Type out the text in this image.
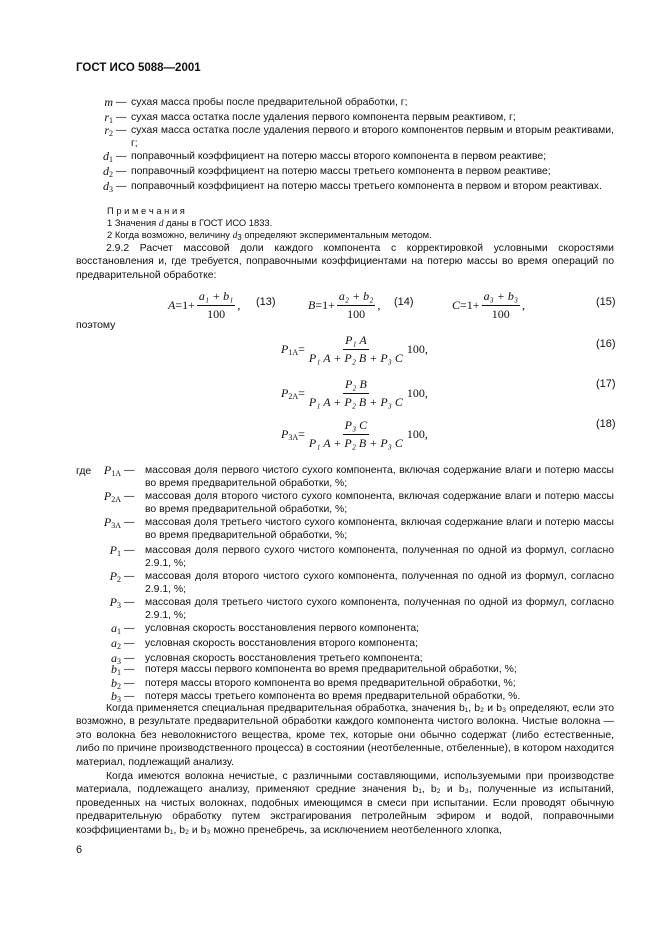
ГОСТ ИСО 5088—2001
m — сухая масса пробы после предварительной обработки, г;
$r_1$ — сухая масса остатка после удаления первого компонента первым реактивом, г;
$r_2$ — сухая масса остатка после удаления первого и второго компонентов первым и вторым реактивами, г;
$d_1$ — поправочный коэффициент на потерю массы второго компонента в первом реактиве;
$d_2$ — поправочный коэффициент на потерю массы третьего компонента в первом реактиве;
$d_3$ — поправочный коэффициент на потерю массы третьего компонента в первом и втором реактивах.
П р и м е ч а н и я
1 Значения d даны в ГОСТ ИСО 1833.
2 Когда возможно, величину d3 определяют экспериментальным методом.
2.9.2 Расчет массовой доли каждого компонента с корректировкой условными скоростями восстановления и, где требуется, поправочными коэффициентами на потерю массы во время операций по предварительной обработке:
$A =1+ \frac{\text{a₁ + b₁}}{100}$ , (13)	$B =1+ \frac{\text{a₂ + b₂}}{100}$ , (14)	$C =1+ \frac{\text{a₃ + b₃}}{100}$ ,	(15)
поэтому
$P_{1A} = \frac{\text{P₁ A}}{\text{P₁ A + P₂ B + P₃ C}} 100$,	(16)
$P_{2A} = \frac{\text{P₂ B}}{\text{P₁ A + P₂ B + P₃ C}} 100$,
(17)
$P_{3A} = \frac{\text{P₃ C}}{\text{P₁ A + P₂ B + P₃ C}} 100$,
(18)
где	$P_{1A}$ — массовая доля первого чистого сухого компонента, включая содержание влаги и потерю массы во время предварительной обработки, %;
$P_{2A}$ — массовая доля второго чистого сухого компонента, включая содержание влаги и потерю массы во время предварительной обработки, %;
$P_{3A}$ — массовая доля третьего чистого сухого компонента, включая содержание влаги и потерю массы во время предварительной обработки, %;
$P_1$ — массовая доля первого сухого чистого компонента, полученная по одной из формул, согласно 2.9.1, %;
$P_2$ — массовая доля второго чистого сухого компонента, полученная по одной из формул, согласно 2.9.1, %;
$P_3$ — массовая доля третьего чистого сухого компонента, полученная по одной из формул, согласно 2.9.1, %;
$a_1$ — условная скорость восстановления первого компонента;
$a_2$ — условная скорость восстановления второго компонента;
$a_3$ — условная скорость восстановления третьего компонента;
$b_1$ — потеря массы первого компонента во время предварительной обработки, %;
$b_2$ — потеря массы второго компонента во время предварительной обработки, %;
$b_3$ — потеря массы третьего компонента во время предварительной обработки, %.
Когда применяется специальная предварительная обработка, значения b₁, b₂ и b₃ определяют, если это возможно, в результате предварительной обработки каждого компонента чистого волокна. Чистые волокна — это волокна без неволокнистого вещества, кроме тех, которые они обычно содержат (либо естественные, либо по причине производственного процесса) в состоянии (неотбеленные, отбеленные), в котором находится материал, подлежащий анализу.
Когда имеются волокна нечистые, с различными составляющими, используемыми при производстве материала, подлежащего анализу, применяют средние значения b₁, b₂ и b₃, полученные из испытаний, проведенных на чистых волокнах, подобных имеющимся в смеси при испытании. Если проводят обычную предварительную обработку путем экстрагирования петролейным эфиром и водой, поправочными коэффициентами b₁, b₂ и b₃ можно пренебречь, за исключением неотбеленного хлопка,
6
